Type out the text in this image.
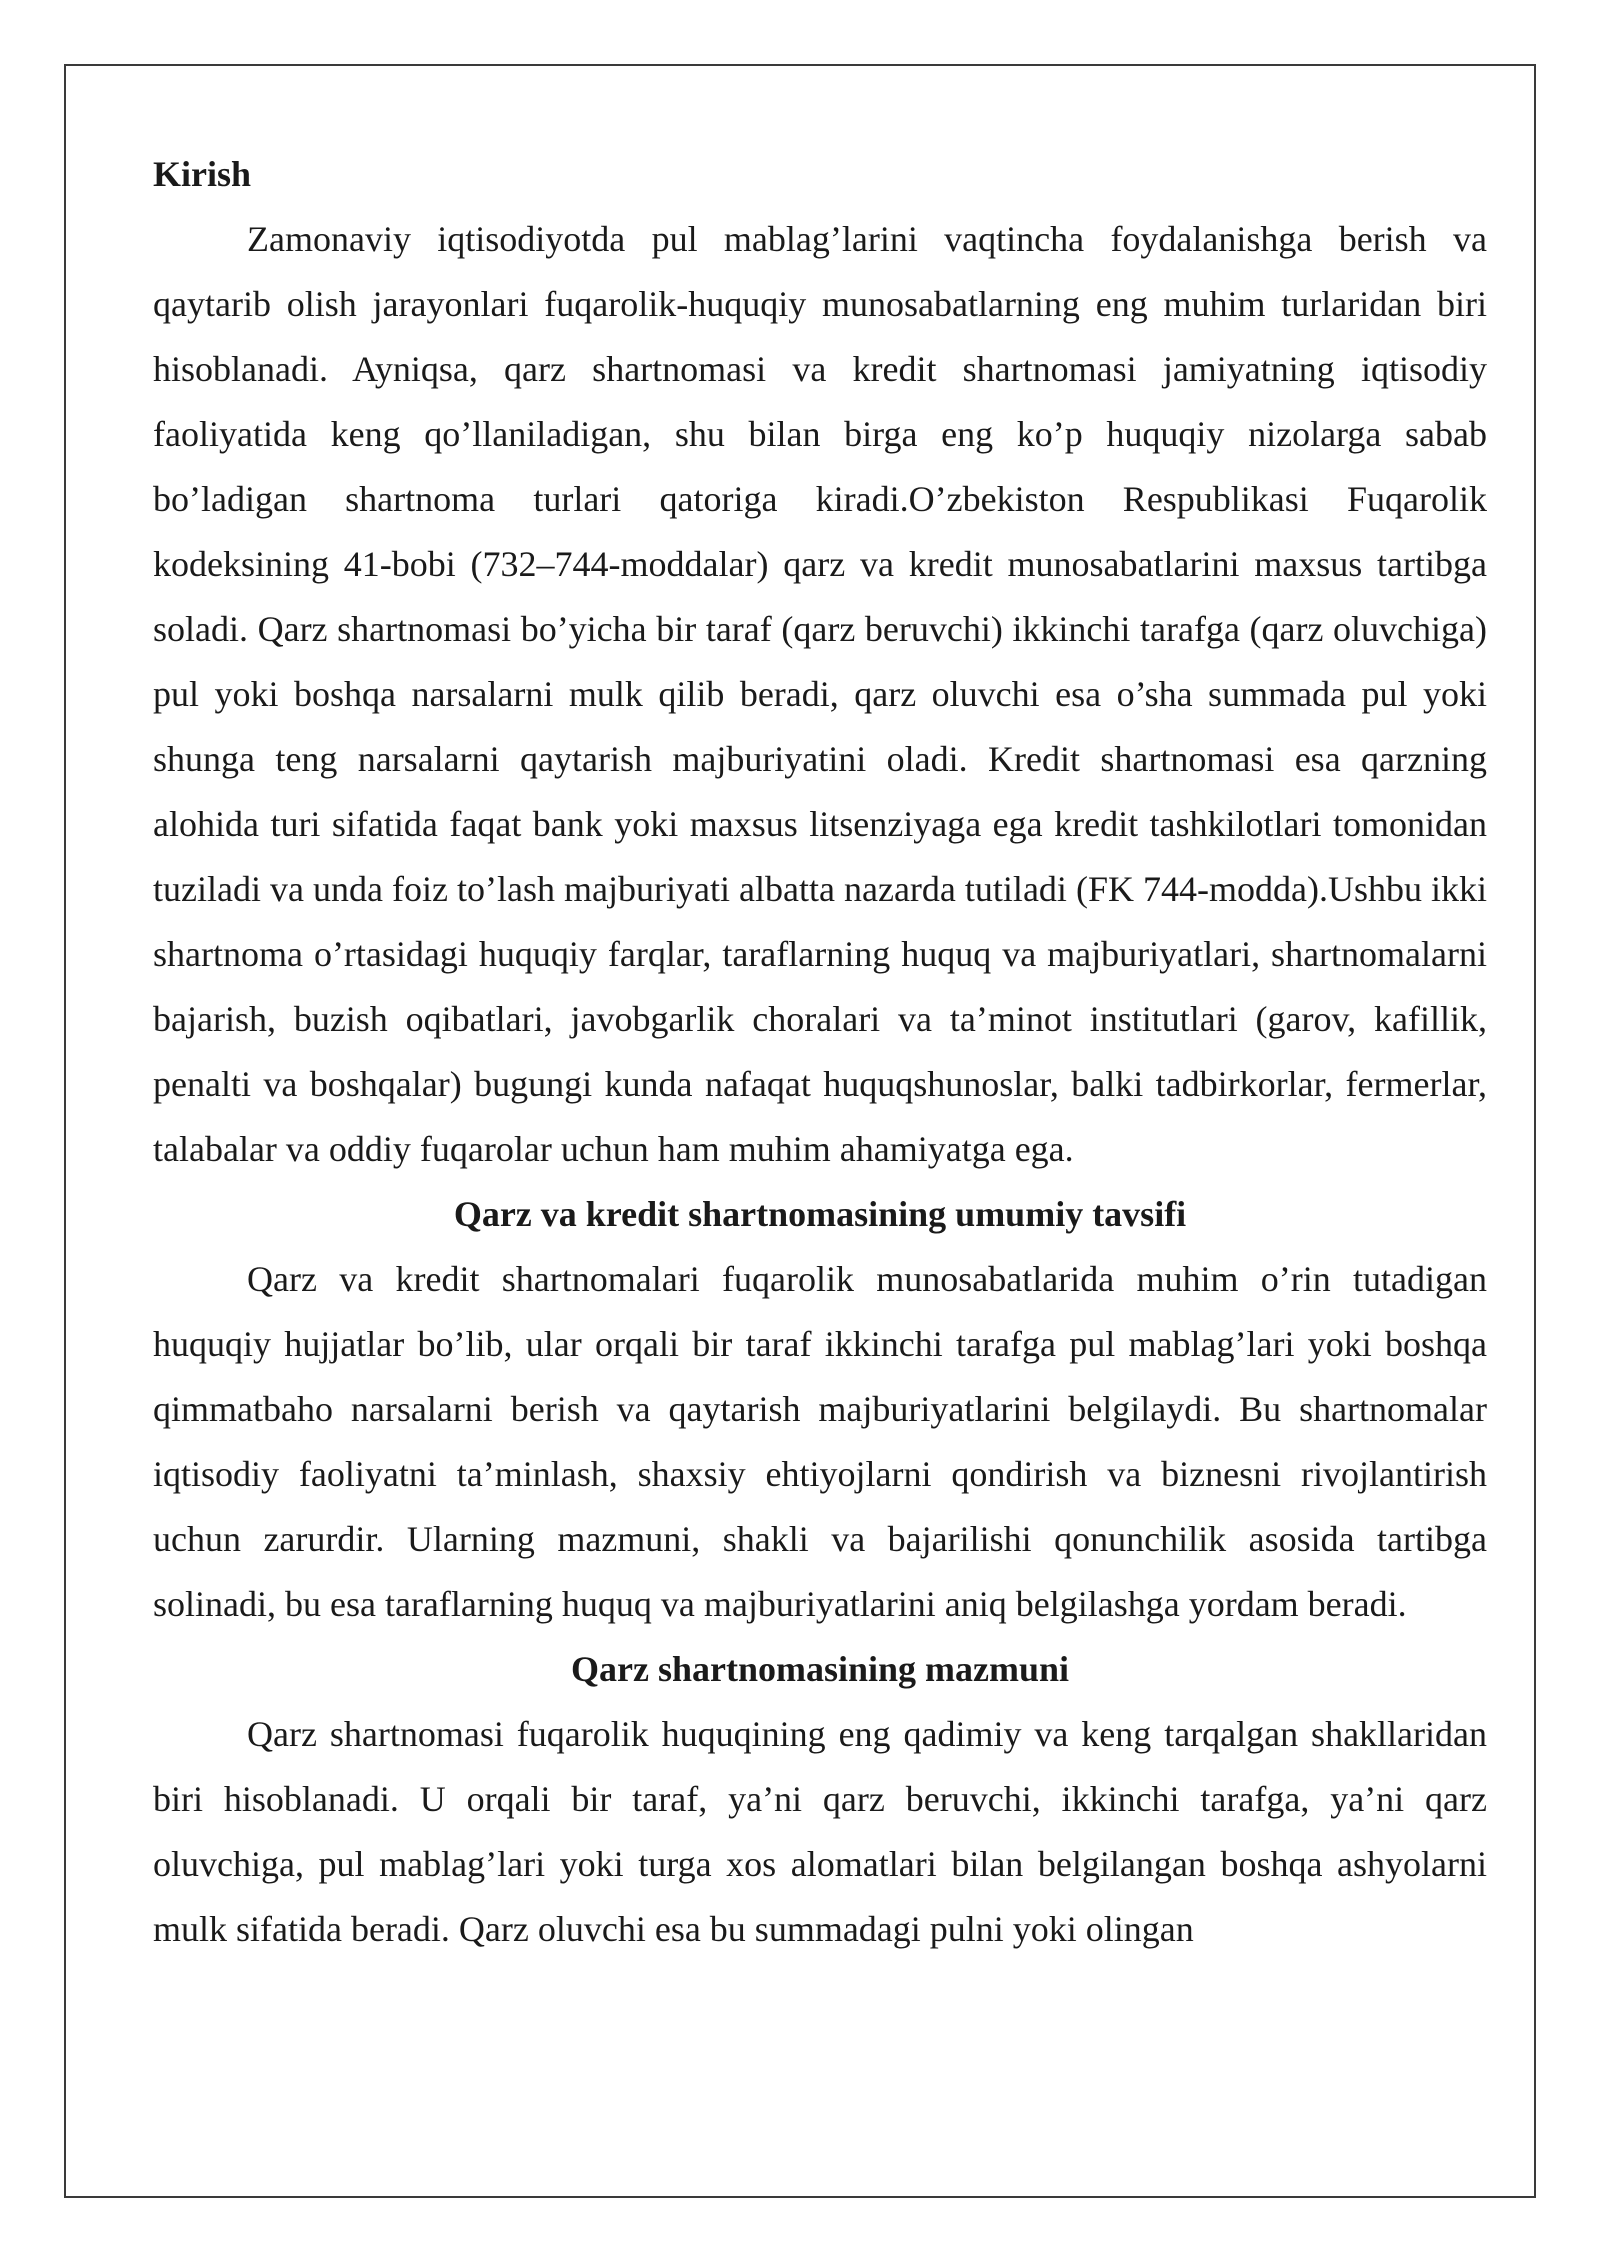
Kirish

Zamonaviy iqtisodiyotda pul mablag’larini vaqtincha foydalanishga berish va qaytarib olish jarayonlari fuqarolik-huquqiy munosabatlarning eng muhim turlaridan biri hisoblanadi. Ayniqsa, qarz shartnomasi va kredit shartnomasi jamiyatning iqtisodiy faoliyatida keng qo’llaniladigan, shu bilan birga eng ko’p huquqiy nizolarga sabab bo’ladigan shartnoma turlari qatoriga kiradi.O’zbekiston Respublikasi Fuqarolik kodeksining 41-bobi (732–744-moddalar) qarz va kredit munosabatlarini maxsus tartibga soladi. Qarz shartnomasi bo’yicha bir taraf (qarz beruvchi) ikkinchi tarafga (qarz oluvchiga) pul yoki boshqa narsalarni mulk qilib beradi, qarz oluvchi esa o’sha summada pul yoki shunga teng narsalarni qaytarish majburiyatini oladi. Kredit shartnomasi esa qarzning alohida turi sifatida faqat bank yoki maxsus litsenziyaga ega kredit tashkilotlari tomonidan tuziladi va unda foiz to’lash majburiyati albatta nazarda tutiladi (FK 744-modda).Ushbu ikki shartnoma o’rtasidagi huquqiy farqlar, taraflarning huquq va majburiyatlari, shartnomalarni bajarish, buzish oqibatlari, javobgarlik choralari va ta’minot institutlari (garov, kafillik, penalti va boshqalar) bugungi kunda nafaqat huquqshunoslar, balki tadbirkorlar, fermerlar, talabalar va oddiy fuqarolar uchun ham muhim ahamiyatga ega.

Qarz va kredit shartnomasining umumiy tavsifi

Qarz va kredit shartnomalari fuqarolik munosabatlarida muhim o’rin tutadigan huquqiy hujjatlar bo’lib, ular orqali bir taraf ikkinchi tarafga pul mablag’lari yoki boshqa qimmatbaho narsalarni berish va qaytarish majburiyatlarini belgilaydi. Bu shartnomalar iqtisodiy faoliyatni ta’minlash, shaxsiy ehtiyojlarni qondirish va biznesni rivojlantirish uchun zarurdir. Ularning mazmuni, shakli va bajarilishi qonunchilik asosida tartibga solinadi, bu esa taraflarning huquq va majburiyatlarini aniq belgilashga yordam beradi.

Qarz shartnomasining mazmuni

Qarz shartnomasi fuqarolik huquqining eng qadimiy va keng tarqalgan shakllaridan biri hisoblanadi. U orqali bir taraf, ya’ni qarz beruvchi, ikkinchi tarafga, ya’ni qarz oluvchiga, pul mablag’lari yoki turga xos alomatlari bilan belgilangan boshqa ashyolarni mulk sifatida beradi. Qarz oluvchi esa bu summadagi pulni yoki olingan
